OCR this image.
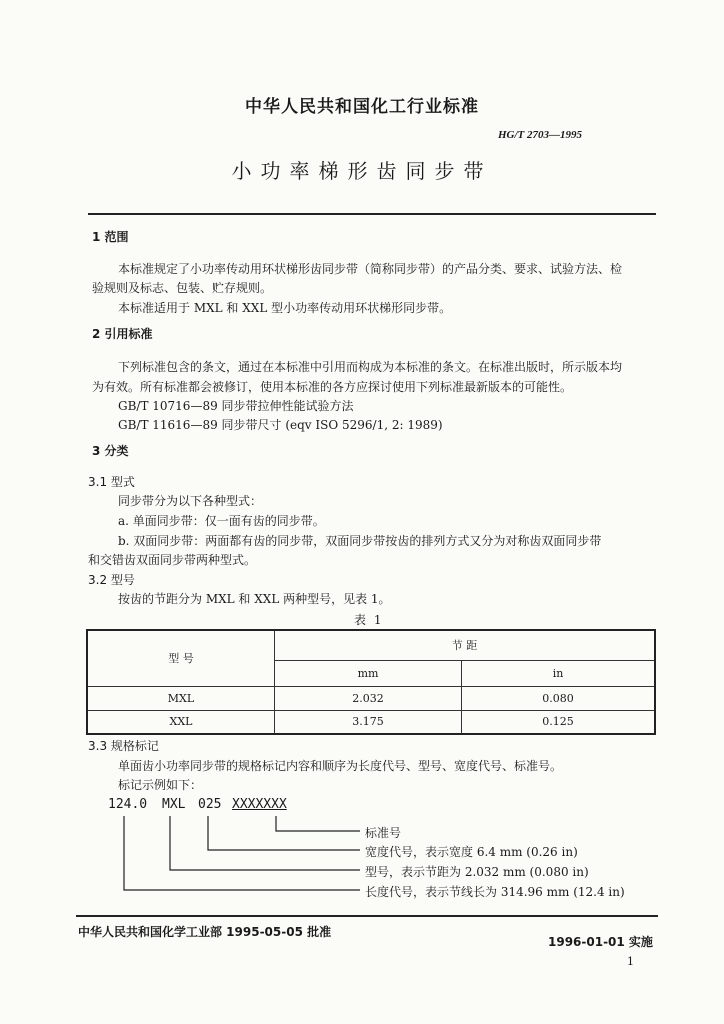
中华人民共和国化工行业标准
HG/T 2703—1995
小功率梯形齿同步带
1 范围
本标准规定了小功率传动用环状梯形齿同步带（简称同步带）的产品分类、要求、试验方法、检
验规则及标志、包装、贮存规则。
本标准适用于 MXL 和 XXL 型小功率传动用环状梯形同步带。
2 引用标准
下列标准包含的条文，通过在本标准中引用而构成为本标准的条文。在标准出版时，所示版本均
为有效。所有标准都会被修订，使用本标准的各方应探讨使用下列标准最新版本的可能性。
GB/T 10716—89 同步带拉伸性能试验方法
GB/T 11616—89 同步带尺寸 (eqv ISO 5296/1, 2: 1989)
3 分类
3.1 型式
同步带分为以下各种型式：
a. 单面同步带：仅一面有齿的同步带。
b. 双面同步带：两面都有齿的同步带，双面同步带按齿的排列方式又分为对称齿双面同步带
和交错齿双面同步带两种型式。
3.2 型号
按齿的节距分为 MXL 和 XXL 两种型号，见表 1。
表 1
型 号	节 距	
	mm	in
MXL	2.032	0.080
XXL	3.175	0.125
3.3 规格标记
单面齿小功率同步带的规格标记内容和顺序为长度代号、型号、宽度代号、标准号。
标记示例如下：
124.0 MXL 025 XXXXXXX
标准号
宽度代号，表示宽度 6.4 mm (0.26 in)
型号，表示节距为 2.032 mm (0.080 in)
长度代号，表示节线长为 314.96 mm (12.4 in)
中华人民共和国化学工业部 1995-05-05 批准
1996-01-01 实施
1
